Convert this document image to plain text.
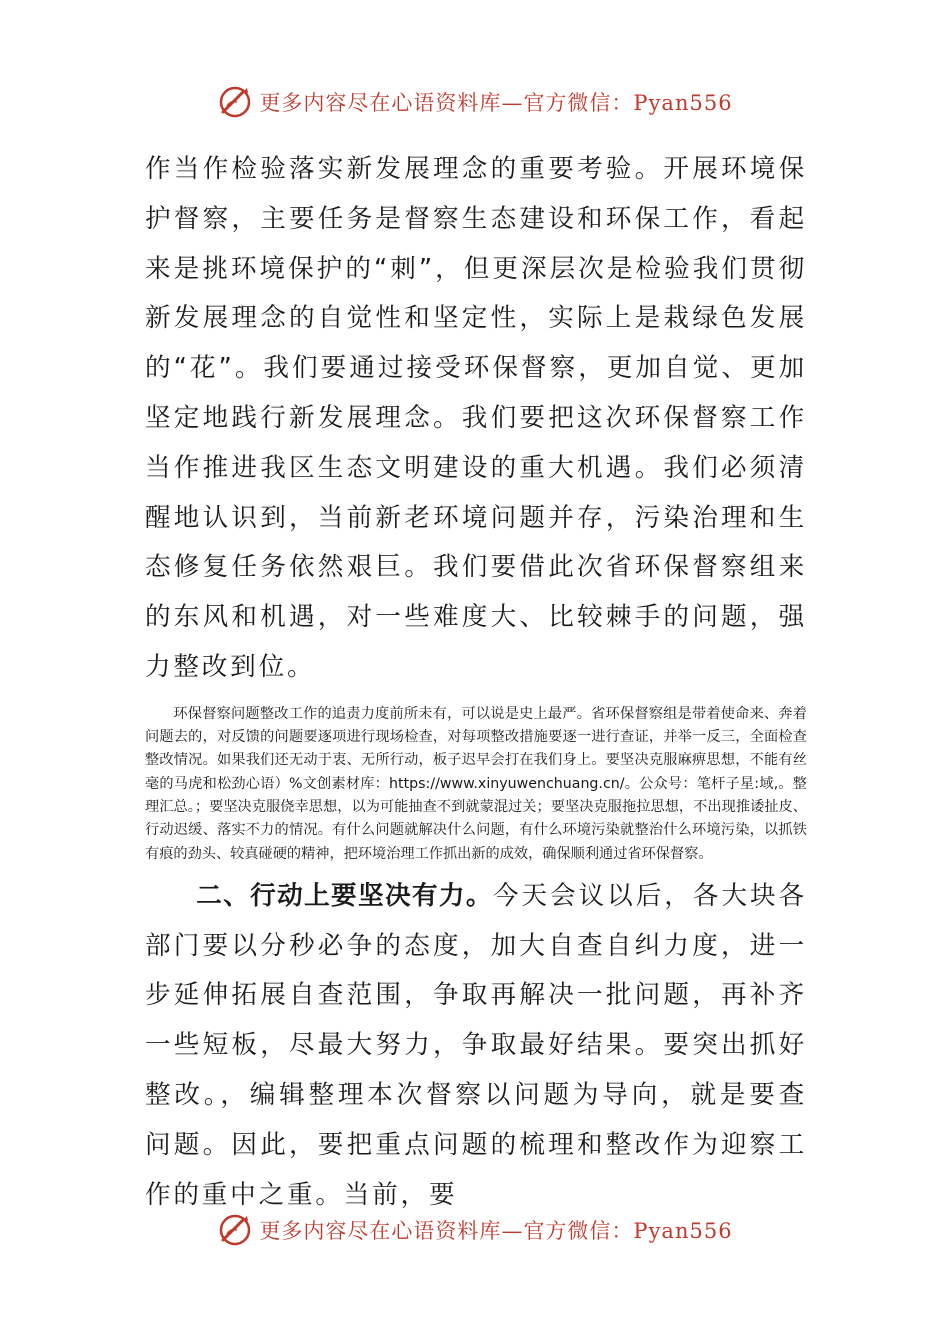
更多内容尽在心语资料库—官方微信：Pyan556

作当作检验落实新发展理念的重要考验。开展环境保护督察，主要任务是督察生态建设和环保工作，看起来是挑环境保护的“刺”，但更深层次是检验我们贯彻新发展理念的自觉性和坚定性，实际上是栽绿色发展的“花”。我们要通过接受环保督察，更加自觉、更加坚定地践行新发展理念。我们要把这次环保督察工作当作推进我区生态文明建设的重大机遇。我们必须清醒地认识到，当前新老环境问题并存，污染治理和生态修复任务依然艰巨。我们要借此次省环保督察组来的东风和机遇，对一些难度大、比较棘手的问题，强力整改到位。

环保督察问题整改工作的追责力度前所未有，可以说是史上最严。省环保督察组是带着使命来、奔着问题去的，对反馈的问题要逐项进行现场检查，对每项整改措施要逐一进行查证，并举一反三，全面检查整改情况。如果我们还无动于衷、无所行动，板子迟早会打在我们身上。要坚决克服麻痹思想，不能有丝毫的马虎和松劲心语）%文创素材库：https://www.xinyuwenchuang.cn/。公众号：笔杆子星:域,。整理汇总。；要坚决克服侥幸思想，以为可能抽查不到就蒙混过关；要坚决克服拖拉思想，不出现推诿扯皮、行动迟缓、落实不力的情况。有什么问题就解决什么问题，有什么环境污染就整治什么环境污染，以抓铁有痕的劲头、较真碰硬的精神，把环境治理工作抓出新的成效，确保顺利通过省环保督察。

二、行动上要坚决有力。今天会议以后，各大块各部门要以分秒必争的态度，加大自查自纠力度，进一步延伸拓展自查范围，争取再解决一批问题，再补齐一些短板，尽最大努力，争取最好结果。要突出抓好整改。，编辑整理本次督察以问题为导向，就是要查问题。因此，要把重点问题的梳理和整改作为迎察工作的重中之重。当前，要

更多内容尽在心语资料库—官方微信：Pyan556
